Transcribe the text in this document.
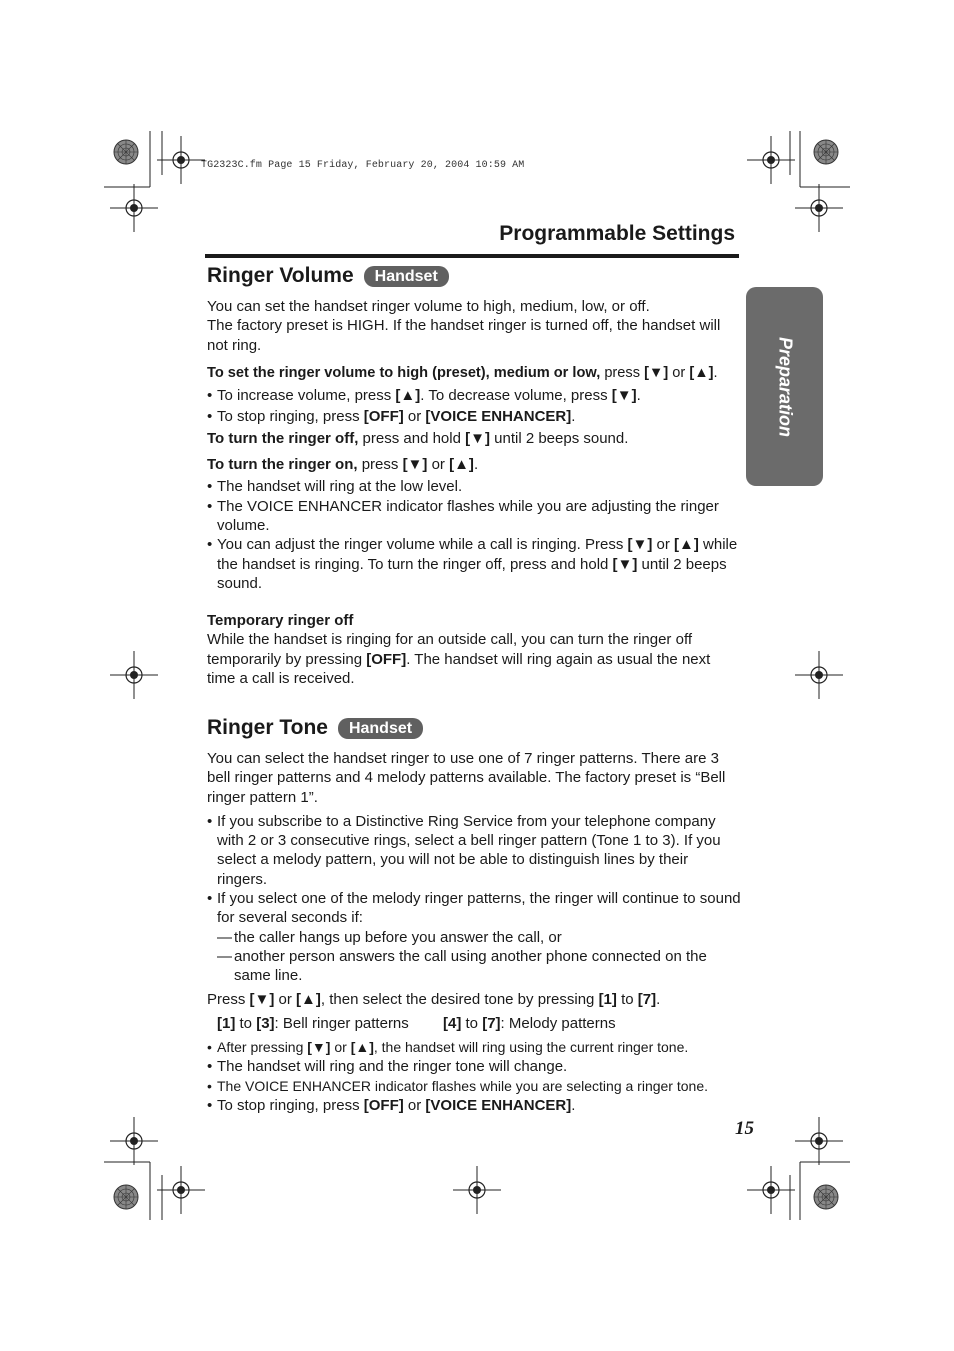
TG2323C.fm Page 15 Friday, February 20, 2004 10:59 AM
Programmable Settings
Preparation
Ringer Volume	Handset

You can set the handset ringer volume to high, medium, low, or off.

The factory preset is HIGH. If the handset ringer is turned off, the handset will not ring.

To set the ringer volume to high (preset), medium or low, press [▼] or [▲].

• To increase volume, press [▲]. To decrease volume, press [▼].

• To stop ringing, press [OFF] or [VOICE ENHANCER].

To turn the ringer off, press and hold [▼] until 2 beeps sound.

To turn the ringer on, press [▼] or [▲].

• The handset will ring at the low level.

• The VOICE ENHANCER indicator flashes while you are adjusting the ringer volume.

• You can adjust the ringer volume while a call is ringing. Press [▼] or [▲] while the handset is ringing. To turn the ringer off, press and hold [▼] until 2 beeps sound.

Temporary ringer off

While the handset is ringing for an outside call, you can turn the ringer off temporarily by pressing [OFF]. The handset will ring again as usual the next time a call is received.

Ringer Tone	Handset

You can select the handset ringer to use one of 7 ringer patterns. There are 3 bell ringer patterns and 4 melody patterns available. The factory preset is “Bell ringer pattern 1”.

• If you subscribe to a Distinctive Ring Service from your telephone company with 2 or 3 consecutive rings, select a bell ringer pattern (Tone 1 to 3). If you select a melody pattern, you will not be able to distinguish lines by their ringers.

• If you select one of the melody ringer patterns, the ringer will continue to sound for several seconds if:

— the caller hangs up before you answer the call, or

— another person answers the call using another phone connected on the same line.

Press [▼] or [▲], then select the desired tone by pressing [1] to [7].

[1] to [3]: Bell ringer patterns [4] to [7]: Melody patterns

• After pressing [▼] or [▲], the handset will ring using the current ringer tone.

• The handset will ring and the ringer tone will change.

• The VOICE ENHANCER indicator flashes while you are selecting a ringer tone.

• To stop ringing, press [OFF] or [VOICE ENHANCER].

15
